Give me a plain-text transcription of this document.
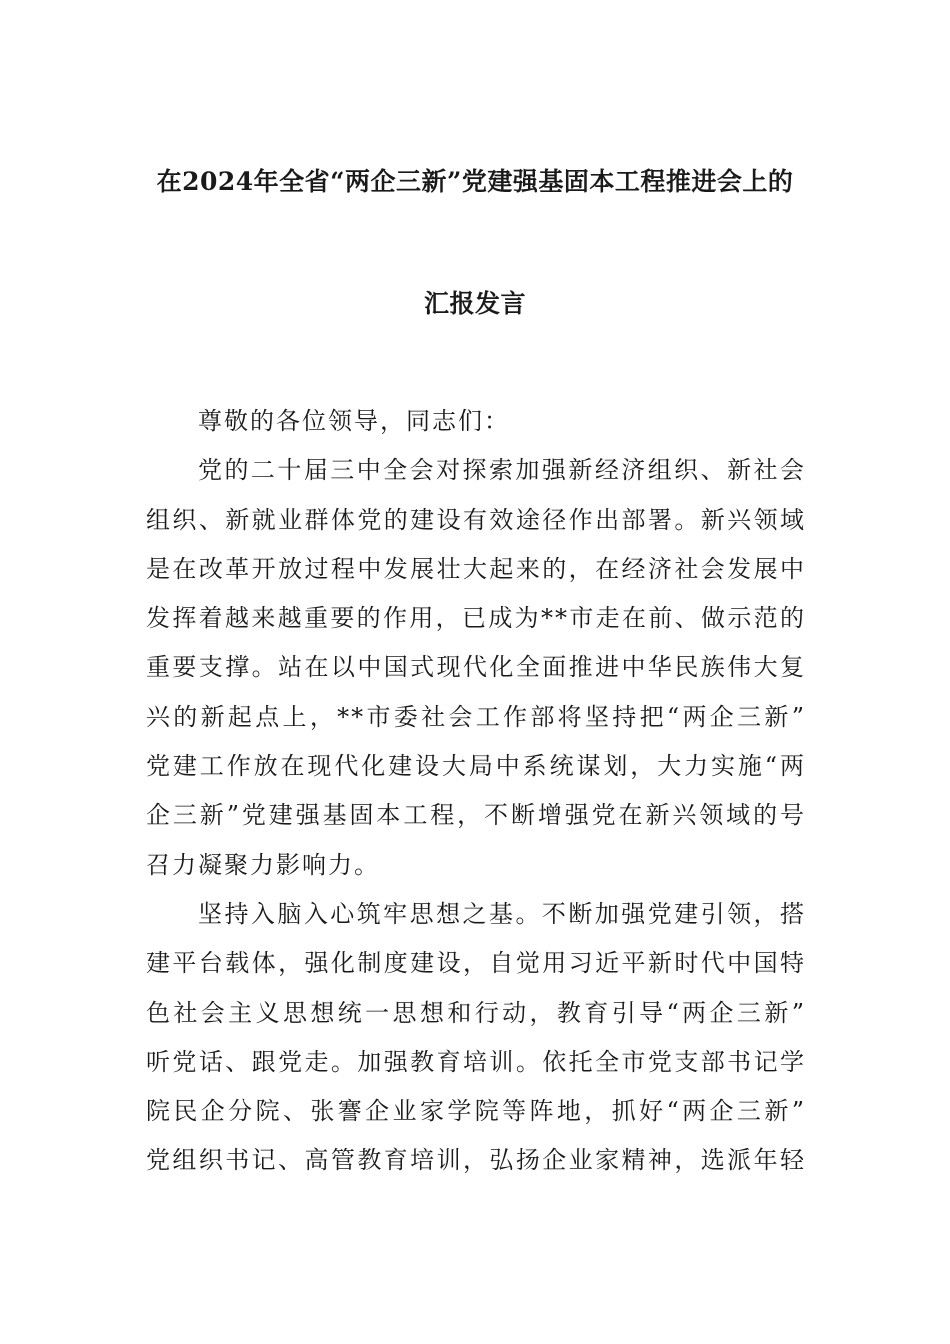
在2024年全省“两企三新”党建强基固本工程推进会上的
汇报发言
尊敬的各位领导，同志们：
党的二十届三中全会对探索加强新经济组织、新社会
组织、新就业群体党的建设有效途径作出部署。新兴领域
是在改革开放过程中发展壮大起来的，在经济社会发展中
发挥着越来越重要的作用，已成为**市走在前、做示范的
重要支撑。站在以中国式现代化全面推进中华民族伟大复
兴的新起点上，**市委社会工作部将坚持把“两企三新”
党建工作放在现代化建设大局中系统谋划，大力实施“两
企三新”党建强基固本工程，不断增强党在新兴领域的号
召力凝聚力影响力。
坚持入脑入心筑牢思想之基。不断加强党建引领，搭
建平台载体，强化制度建设，自觉用习近平新时代中国特
色社会主义思想统一思想和行动，教育引导“两企三新”
听党话、跟党走。加强教育培训。依托全市党支部书记学
院民企分院、张謇企业家学院等阵地，抓好“两企三新”
党组织书记、高管教育培训，弘扬企业家精神，选派年轻
